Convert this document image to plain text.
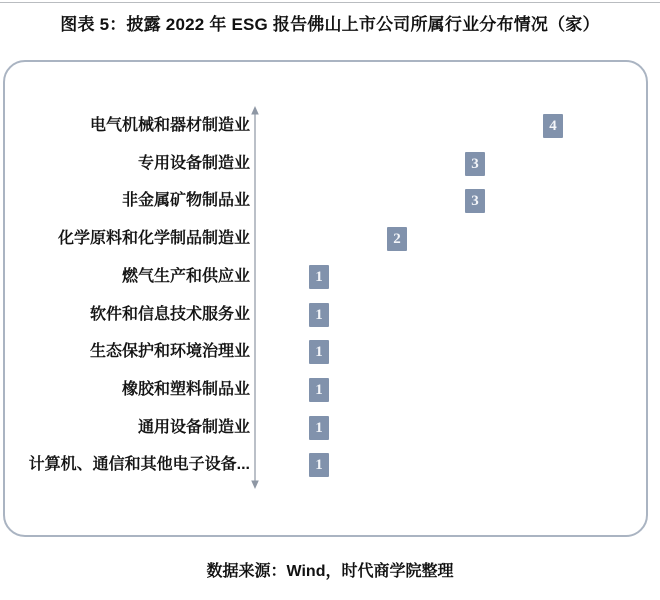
图表 5：披露 2022 年 ESG 报告佛山上市公司所属行业分布情况（家）
电气机械和器材制造业	4
专用设备制造业	3
非金属矿物制品业	3
化学原料和化学制品制造业	2
燃气生产和供应业	1
软件和信息技术服务业	1
生态保护和环境治理业	1
橡胶和塑料制品业	1
通用设备制造业	1
计算机、通信和其他电子设备...	1
数据来源：Wind，时代商学院整理
